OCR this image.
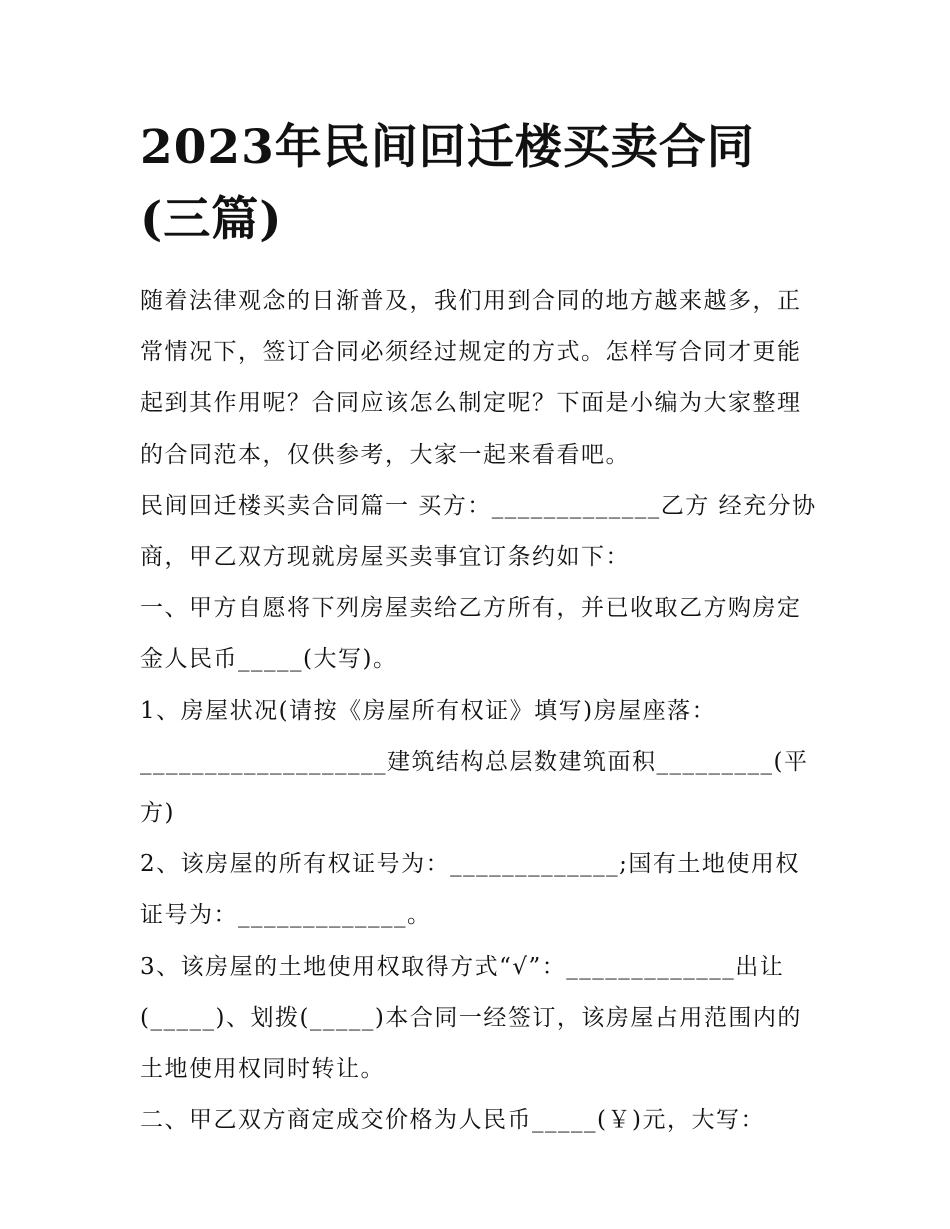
2023年民间回迁楼买卖合同
(三篇)

随着法律观念的日渐普及，我们用到合同的地方越来越多，正常情况下，签订合同必须经过规定的方式。怎样写合同才更能起到其作用呢？合同应该怎么制定呢？下面是小编为大家整理的合同范本，仅供参考，大家一起来看看吧。

民间回迁楼买卖合同篇一 买方：_____________乙方 经充分协商，甲乙双方现就房屋买卖事宜订条约如下：

一、甲方自愿将下列房屋卖给乙方所有，并已收取乙方购房定金人民币_____(大写)。

1、房屋状况(请按《房屋所有权证》填写)房屋座落：

___________________建筑结构总层数建筑面积_________(平方)

2、该房屋的所有权证号为：_____________;国有土地使用权证号为：_____________。

3、该房屋的土地使用权取得方式“√”：_____________出让(_____)、划拨(_____)本合同一经签订，该房屋占用范围内的土地使用权同时转让。

二、甲乙双方商定成交价格为人民币_____(￥)元，大写：
